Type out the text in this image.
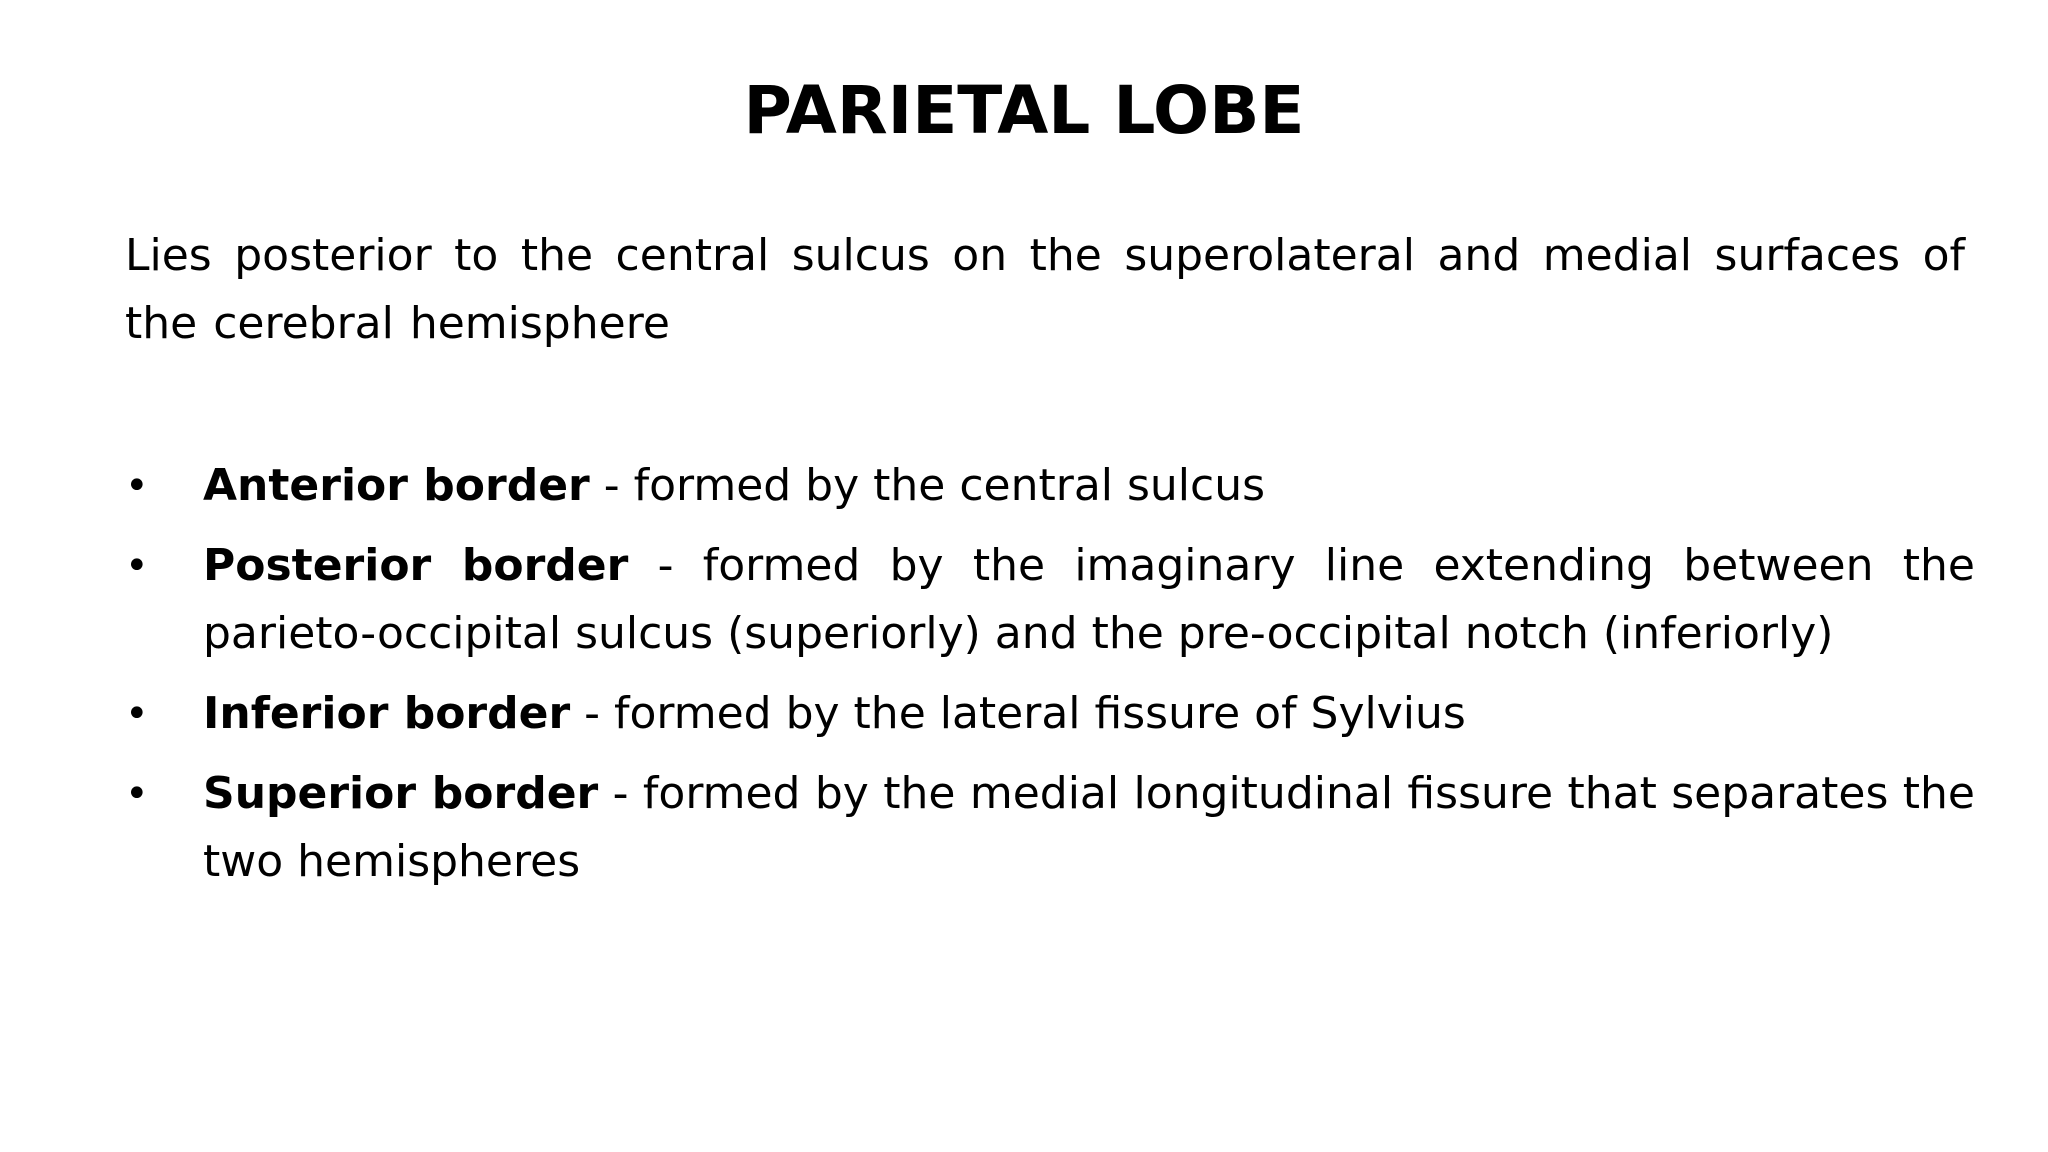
PARIETAL LOBE

Lies posterior to the central sulcus on the superolateral and medial surfaces of the cerebral hemisphere

• Anterior border - formed by the central sulcus
• Posterior border - formed by the imaginary line extending between the parieto-occipital sulcus (superiorly) and the pre-occipital notch (inferiorly)
• Inferior border - formed by the lateral fissure of Sylvius
• Superior border - formed by the medial longitudinal fissure that separates the two hemispheres
